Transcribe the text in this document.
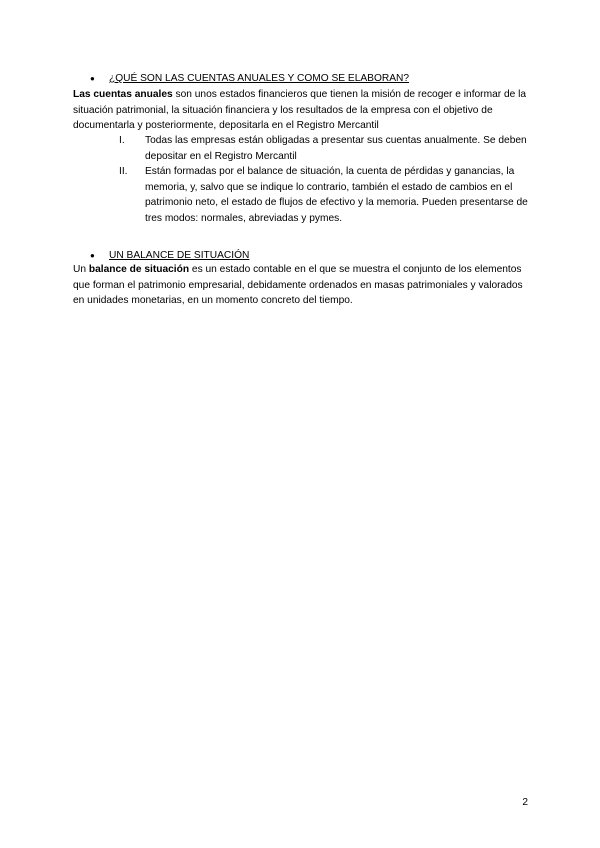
● ¿QUÉ SON LAS CUENTAS ANUALES Y COMO SE ELABORAN?

Las cuentas anuales son unos estados financieros que tienen la misión de recoger e informar de la situación patrimonial, la situación financiera y los resultados de la empresa con el objetivo de documentarla y posteriormente, depositarla en el Registro Mercantil

I. Todas las empresas están obligadas a presentar sus cuentas anualmente. Se deben depositar en el Registro Mercantil
II. Están formadas por el balance de situación, la cuenta de pérdidas y ganancias, la memoria, y, salvo que se indique lo contrario, también el estado de cambios en el patrimonio neto, el estado de flujos de efectivo y la memoria. Pueden presentarse de tres modos: normales, abreviadas y pymes.
● UN BALANCE DE SITUACIÓN

Un balance de situación es un estado contable en el que se muestra el conjunto de los elementos que forman el patrimonio empresarial, debidamente ordenados en masas patrimoniales y valorados en unidades monetarias, en un momento concreto del tiempo.

2
